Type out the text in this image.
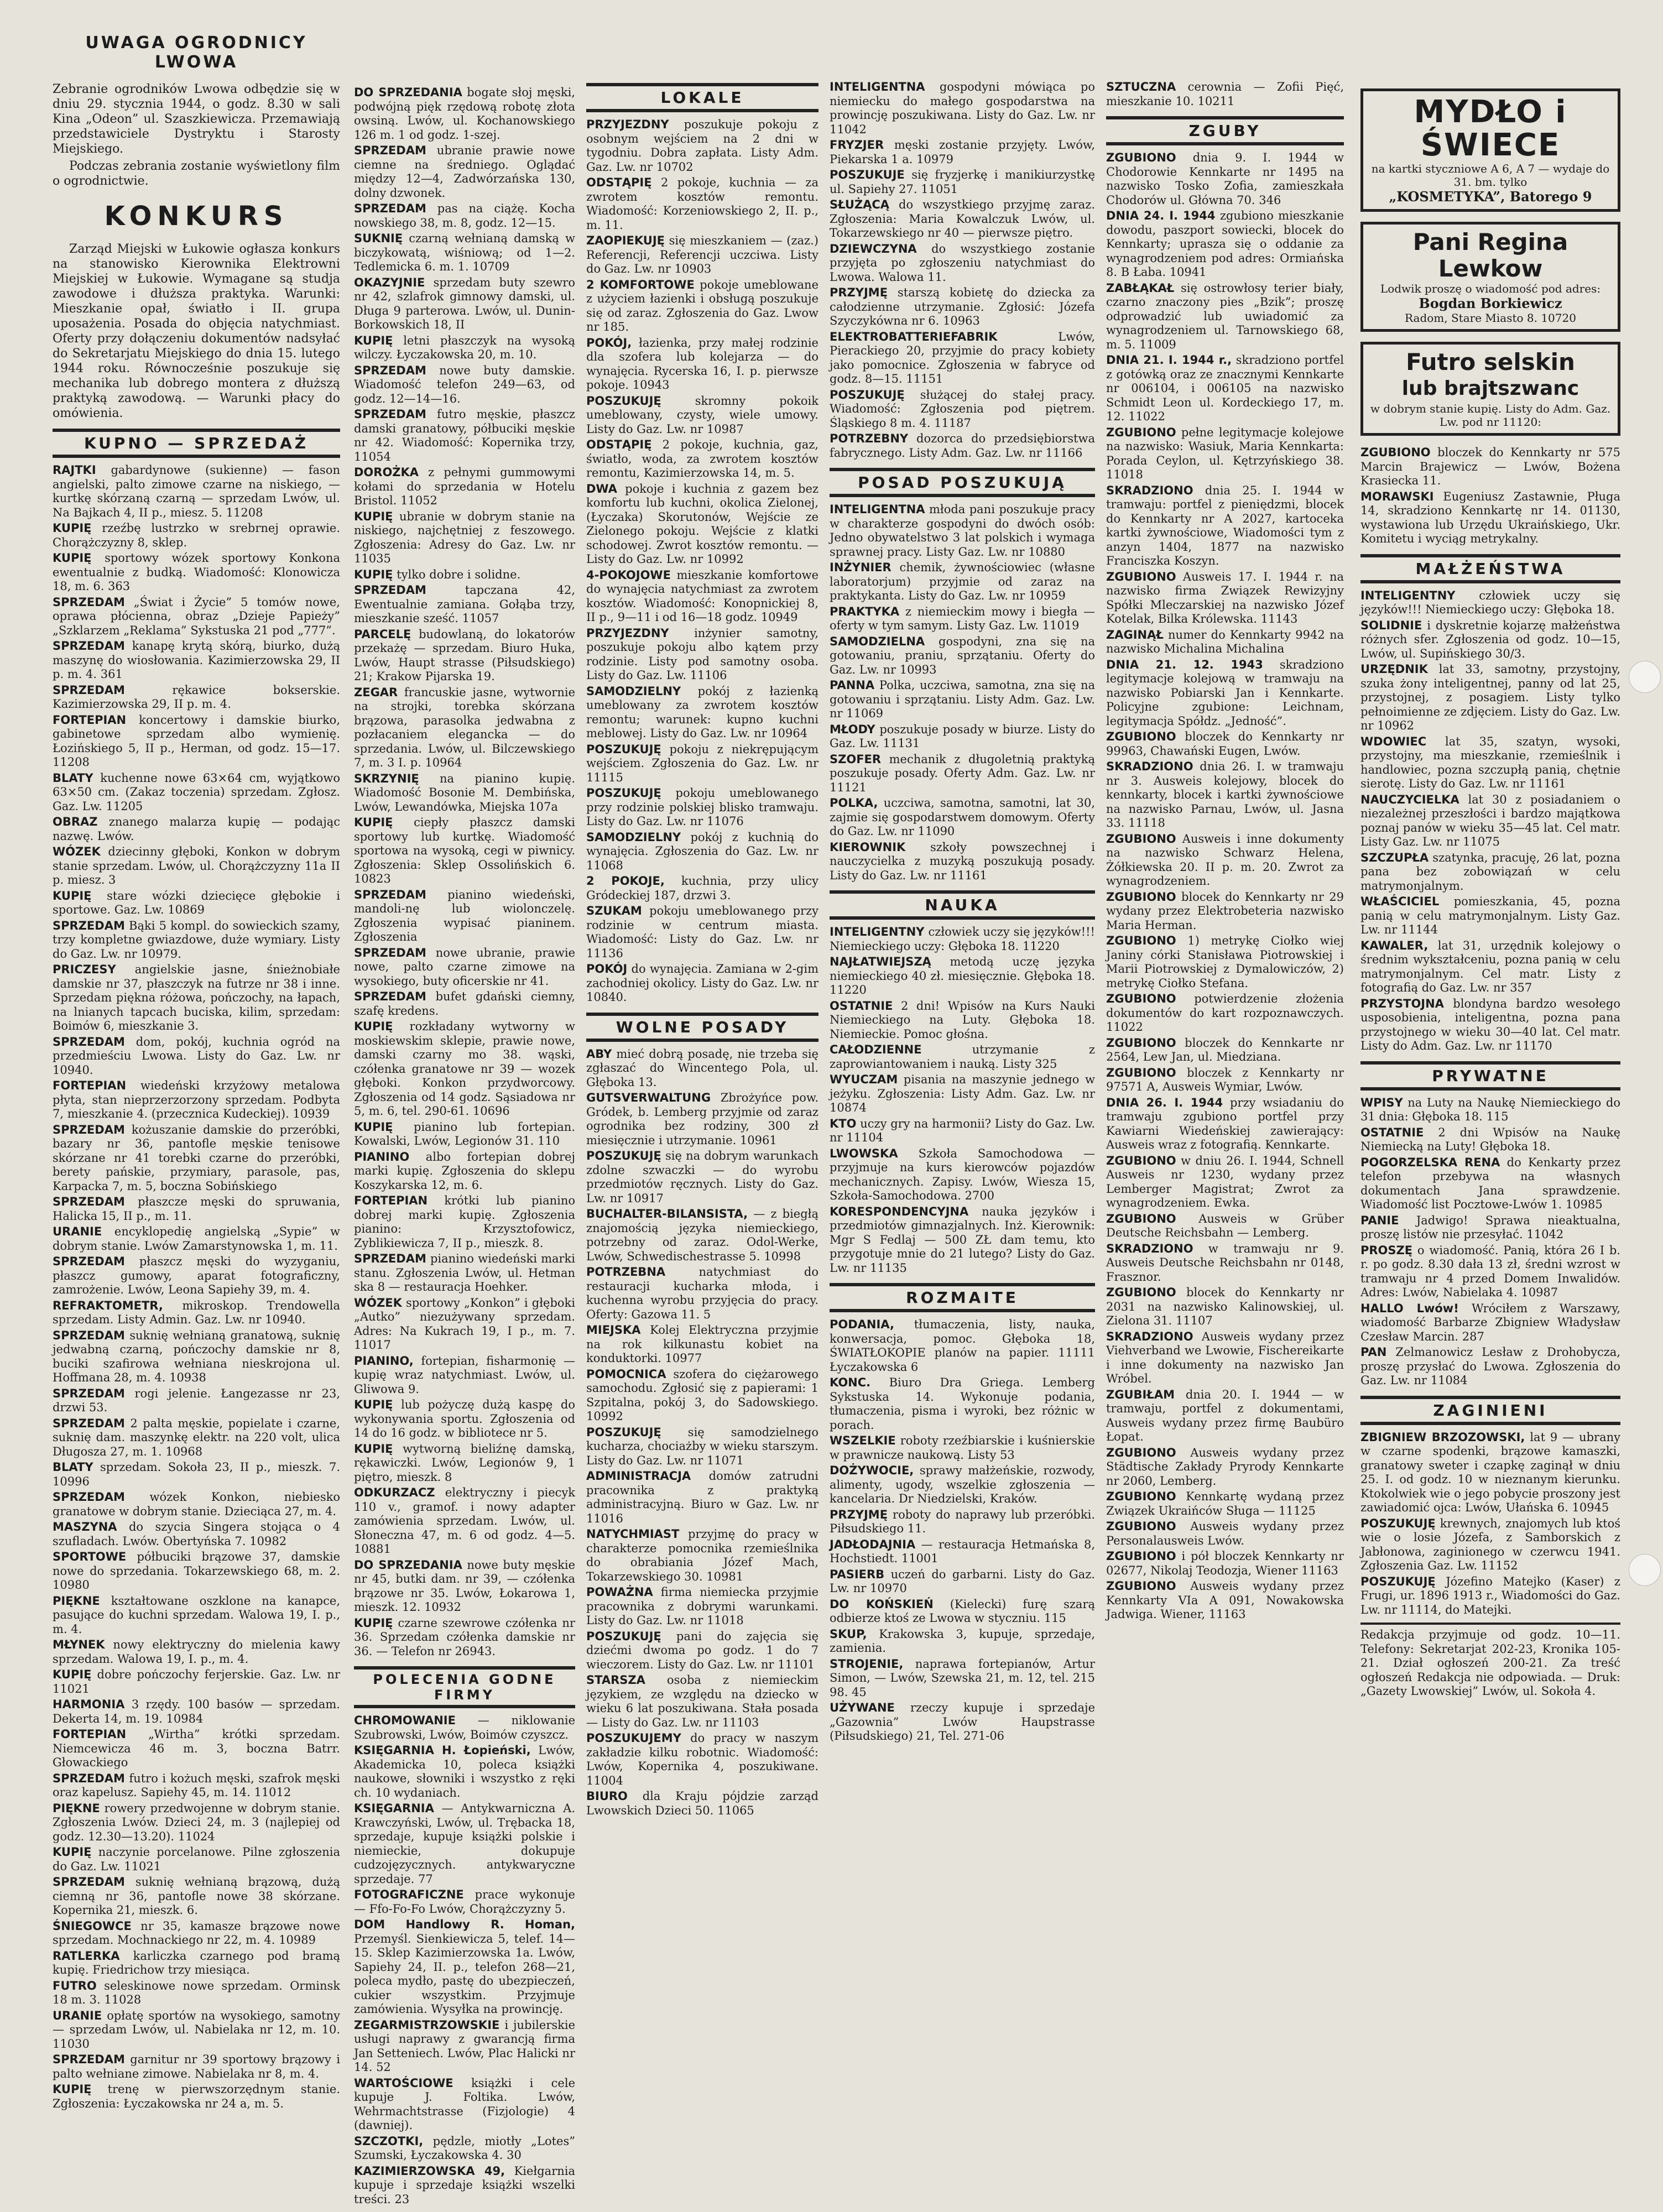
UWAGA OGRODNICY LWOWA

Zebranie ogrodników Lwowa odbędzie się w dniu 29. stycznia 1944, o godz. 8.30 w sali Kina „Odeon” ul. Szaszkiewicza. Przemawiają przedstawiciele Dystryktu i Starosty Miejskiego.

Podczas zebrania zostanie wyświetlony film o ogrodnictwie.

KONKURS

Zarząd Miejski w Łukowie ogłasza konkurs na stanowisko Kierownika Elektrowni Miejskiej w Łukowie. Wymagane są studja zawodowe i dłuższa praktyka. Warunki: Mieszkanie opał, światło i II. grupa uposażenia. Posada do objęcia natychmiast. Oferty przy dołączeniu dokumentów nadsyłać do Sekretarjatu Miejskiego do dnia 15. lutego 1944 roku. Równocześnie poszukuje się mechanika lub dobrego montera z dłuższą praktyką zawodową. — Warunki płacy do omówienia.

KUPNO — SPRZEDAŻ

RAJTKI gabardynowe (sukienne) — fason angielski, palto zimowe czarne na niskiego, — kurtkę skórzaną czarną — sprzedam Lwów, ul. Na Bajkach 4, II p., miesz. 5. 11208

KUPIĘ rzeźbę lustrzko w srebrnej oprawie. Chorążczyzny 8, sklep.

KUPIĘ sportowy wózek sportowy Konkona ewentualnie z budką. Wiadomość: Klonowicza 18, m. 6. 363

SPRZEDAM „Świat i Życie” 5 tomów nowe, oprawa płócienna, obraz „Dzieje Papieży” „Szklarzem „Reklama” Sykstuska 21 pod „777”.

SPRZEDAM kanapę krytą skórą, biurko, dużą maszynę do wiosłowania. Kazimierzowska 29, II p. m. 4. 361

SPRZEDAM rękawice bokserskie. Kazimierzowska 29, II p. m. 4.

FORTEPIAN koncertowy i damskie biurko, gabinetowe sprzedam albo wymienię. Łozińskiego 5, II p., Herman, od godz. 15—17. 11208

BLATY kuchenne nowe 63×64 cm, wyjątkowo 63×50 cm. (Zakaz toczenia) sprzedam. Zgłosz. Gaz. Lw. 11205

OBRAZ znanego malarza kupię — podając nazwę. Lwów.

WÓZEK dziecinny głęboki, Konkon w dobrym stanie sprzedam. Lwów, ul. Chorążczyzny 11a II p. miesz. 3

KUPIĘ stare wózki dziecięce głębokie i sportowe. Gaz. Lw. 10869

SPRZEDAM Bąki 5 kompl. do sowieckich szamy, trzy kompletne gwiazdowe, duże wymiary. Listy do Gaz. Lw. nr 10979.

PRICZESY angielskie jasne, śnieżnobiałe damskie nr 37, płaszczyk na futrze nr 38 i inne. Sprzedam piękna różowa, pończochy, na łapach, na lnianych tapcach buciska, kilim, sprzedam: Boimów 6, mieszkanie 3.

SPRZEDAM dom, pokój, kuchnia ogród na przedmieściu Lwowa. Listy do Gaz. Lw. nr 10940.

FORTEPIAN wiedeński krzyżowy metalowa płyta, stan nieprzerzorzony sprzedam. Podbyta 7, mieszkanie 4. (przecznica Kudeckiej). 10939

SPRZEDAM kożuszanie damskie do przeróbki, bazary nr 36, pantofle męskie tenisowe skórzane nr 41 torebki czarne do przeróbki, berety pańskie, przymiary, parasole, pas, Karpacka 7, m. 5, boczna Sobińskiego

SPRZEDAM płaszcze męski do spruwania, Halicka 15, II p., m. 11.

URANIE encyklopedię angielską „Sypie” w dobrym stanie. Lwów Zamarstynowska 1, m. 11.

SPRZEDAM płaszcz męski do wyzyganiu, płaszcz gumowy, aparat fotograficzny, zamrożenie. Lwów, Leona Sapiehy 39, m. 4.

REFRAKTOMETR, mikroskop. Trendowella sprzedam. Listy Admin. Gaz. Lw. nr 10940.

SPRZEDAM suknię wełnianą granatową, suknię jedwabną czarną, pończochy damskie nr 8, buciki szafirowa wełniana nieskrojona ul. Hoffmana 28, m. 4. 10938

SPRZEDAM rogi jelenie. Łangezasse nr 23, drzwi 53.

SPRZEDAM 2 palta męskie, popielate i czarne, suknię dam. maszynkę elektr. na 220 volt, ulica Długosza 27, m. 1. 10968

BLATY sprzedam. Sokoła 23, II p., mieszk. 7. 10996

SPRZEDAM wózek Konkon, niebiesko granatowe w dobrym stanie. Dzieciąca 27, m. 4.

MASZYNA do szycia Singera stojąca o 4 szufladach. Lwów. Obertyńska 7. 10982

SPORTOWE półbuciki brązowe 37, damskie nowe do sprzedania. Tokarzewskiego 68, m. 2. 10980

PIĘKNE kształtowane oszklone na kanapce, pasujące do kuchni sprzedam. Walowa 19, I. p., m. 4.

MŁYNEK nowy elektryczny do mielenia kawy sprzedam. Walowa 19, I. p., m. 4.

KUPIĘ dobre pończochy ferjerskie. Gaz. Lw. nr 11021

HARMONIA 3 rzędy. 100 basów — sprzedam. Dekerta 14, m. 19. 10984

FORTEPIAN „Wirtha” krótki sprzedam. Niemcewicza 46 m. 3, boczna Batrr. Głowackiego

SPRZEDAM futro i kożuch męski, szafrok męski oraz kapelusz. Sapiehy 45, m. 14. 11012

PIĘKNE rowery przedwojenne w dobrym stanie. Zgłoszenia Lwów. Dzieci 24, m. 3 (najlepiej od godz. 12.30—13.20). 11024

KUPIĘ naczynie porcelanowe. Pilne zgłoszenia do Gaz. Lw. 11021

SPRZEDAM suknię wełnianą brązową, dużą ciemną nr 36, pantofle nowe 38 skórzane. Kopernika 21, mieszk. 6.

ŚNIEGOWCE nr 35, kamasze brązowe nowe sprzedam. Mochnackiego nr 22, m. 4. 10989

RATLERKA karliczka czarnego pod bramą kupię. Friedrichow trzy miesiąca.

FUTRO seleskinowe nowe sprzedam. Orminsk 18 m. 3. 11028

URANIE opłatę sportów na wysokiego, samotny — sprzedam Lwów, ul. Nabielaka nr 12, m. 10. 11030

SPRZEDAM garnitur nr 39 sportowy brązowy i palto wełniane zimowe. Nabielaka nr 8, m. 4.

KUPIĘ trenę w pierwszorzędnym stanie. Zgłoszenia: Łyczakowska nr 24 a, m. 5.

DO SPRZEDANIA bogate słoj męski, podwójną pięk rzędową robotę złota owsiną. Lwów, ul. Kochanowskiego 126 m. 1 od godz. 1-szej.

SPRZEDAM ubranie prawie nowe ciemne na średniego. Oglądać między 12—4, Zadwórzańska 130, dolny dzwonek.

SPRZEDAM pas na ciążę. Kocha nowskiego 38, m. 8, godz. 12—15.

SUKNIĘ czarną wełnianą damską w biczykowatą, wiśniową; od 1—2. Tedlemicka 6. m. 1. 10709

OKAZYJNIE sprzedam buty szewro nr 42, szlafrok gimnowy damski, ul. Długa 9 parterowa. Lwów, ul. Dunin-Borkowskich 18, II

KUPIĘ letni płaszczyk na wysoką wilczy. Łyczakowska 20, m. 10.

SPRZEDAM nowe buty damskie. Wiadomość telefon 249—63, od godz. 12—14—16.

SPRZEDAM futro męskie, płaszcz damski granatowy, półbuciki męskie nr 42. Wiadomość: Kopernika trzy, 11054

DOROŻKA z pełnymi gummowymi kołami do sprzedania w Hotelu Bristol. 11052

KUPIĘ ubranie w dobrym stanie na niskiego, najchętniej z feszowego. Zgłoszenia: Adresy do Gaz. Lw. nr 11035

KUPIĘ tylko dobre i solidne.

SPRZEDAM tapczana 42, Ewentualnie zamiana. Gołąba trzy, mieszkanie sześć. 11057

PARCELĘ budowlaną, do lokatorów przekażę — sprzedam. Biuro Huka, Lwów, Haupt strasse (Piłsudskiego) 21; Krakow Pijarska 19.

ZEGAR francuskie jasne, wytwornie na strojki, torebka skórzana brązowa, parasolka jedwabna z pozłacaniem elegancka — do sprzedania. Lwów, ul. Bilczewskiego 7, m. 3 I. p. 10964

SKRZYNIĘ na pianino kupię. Wiadomość Bosonie M. Dembińska, Lwów, Lewandówka, Miejska 107a

KUPIĘ ciepły płaszcz damski sportowy lub kurtkę. Wiadomość sportowa na wysoką, cegi w piwnicy. Zgłoszenia: Sklep Ossolińskich 6. 10823

SPRZEDAM pianino wiedeński, mandoli-nę lub wiolonczelę. Zgłoszenia wypisać pianinem. Zgłoszenia

SPRZEDAM nowe ubranie, prawie nowe, palto czarne zimowe na wysokiego, buty oficerskie nr 41.

SPRZEDAM bufet gdański ciemny, szafę kredens.

KUPIĘ rozkładany wytworny w moskiewskim sklepie, prawie nowe, damski czarny mo 38. wąski, czółenka granatowe nr 39 — wozek głęboki. Konkon przydworcowy. Zgłoszenia od 14 godz. Sąsiadowa nr 5, m. 6, tel. 290-61. 10696

KUPIĘ pianino lub fortepian. Kowalski, Lwów, Legionów 31. 110

PIANINO albo fortepian dobrej marki kupię. Zgłoszenia do sklepu Koszykarska 12, m. 6.

FORTEPIAN krótki lub pianino dobrej marki kupię. Zgłoszenia pianino: Krzysztofowicz, Zyblikiewicza 7, II p., mieszk. 8.

SPRZEDAM pianino wiedeński marki stanu. Zgłoszenia Lwów, ul. Hetman ska 8 — restauracja Hoehker.

WÓZEK sportowy „Konkon” i głęboki „Autko” niezużywany sprzedam. Adres: Na Kukrach 19, I p., m. 7. 11017

PIANINO, fortepian, fisharmonię — kupię wraz natychmiast. Lwów, ul. Gliwowa 9.

KUPIĘ lub pożyczę dużą kaspę do wykonywania sportu. Zgłoszenia od 14 do 16 godz. w bibliotece nr 5.

KUPIĘ wytworną bieliźnę damską, rękawiczki. Lwów, Legionów 9, 1 piętro, mieszk. 8

ODKURZACZ elektryczny i piecyk 110 v., gramof. i nowy adapter zamówienia sprzedam. Lwów, ul. Słoneczna 47, m. 6 od godz. 4—5. 10881

DO SPRZEDANIA nowe buty męskie nr 45, butki dam. nr 39, — czółenka brązowe nr 35. Lwów, Łokarowa 1, mieszk. 12. 10932

KUPIĘ czarne szewrowe czółenka nr 36. Sprzedam czółenka damskie nr 36. — Telefon nr 26943.

POLECENIA GODNE FIRMY

CHROMOWANIE — niklowanie Szubrowski, Lwów, Boimów czyszcz.

KSIĘGARNIA H. Łopieński, Lwów, Akademicka 10, poleca książki naukowe, słowniki i wszystko z ręki ch. 10 wydaniach.

KSIĘGARNIA — Antykwarniczna A. Krawczyński, Lwów, ul. Trębacka 18, sprzedaje, kupuje książki polskie i niemieckie, dokupuje cudzojęzycznych. antykwaryczne sprzedaje. 77

FOTOGRAFICZNE prace wykonuje — Ffo-Fo-Fo Lwów, Chorążczyzny 5.

DOM Handlowy R. Homan, Przemyśl. Sienkiewicza 5, telef. 14—15. Sklep Kazimierzowska 1a. Lwów, Sapiehy 24, II. p., telefon 268—21, poleca mydło, pastę do ubezpieczeń, cukier wszystkim. Przyjmuje zamówienia. Wysyłka na prowincję.

ZEGARMISTRZOWSKIE i jubilerskie usługi naprawy z gwarancją firma Jan Setteniech. Lwów, Plac Halicki nr 14. 52

WARTOŚCIOWE książki i cele kupuje J. Foltika. Lwów, Wehrmachtstrasse (Fizjologie) 4 (dawniej).

SZCZOTKI, pędzle, miotły „Lotes” Szumski, Łyczakowska 4. 30

KAZIMIERZOWSKA 49, Kiełgarnia kupuje i sprzedaje książki wszelki treści. 23

LOKALE

PRZYJEZDNY poszukuje pokoju z osobnym wejściem na 2 dni w tygodniu. Dobra zapłata. Listy Adm. Gaz. Lw. nr 10702

ODSTĄPIĘ 2 pokoje, kuchnia — za zwrotem kosztów remontu. Wiadomość: Korzeniowskiego 2, II. p., m. 11.

ZAOPIEKUJĘ się mieszkaniem — (zaz.) Referencji, Referencji uczciwa. Listy do Gaz. Lw. nr 10903

2 KOMFORTOWE pokoje umeblowane z użyciem łazienki i obsługą poszukuje się od zaraz. Zgłoszenia do Gaz. Lwow nr 185.

POKÓJ, łazienka, przy małej rodzinie dla szofera lub kolejarza — do wynajęcia. Rycerska 16, I. p. pierwsze pokoje. 10943

POSZUKUJĘ skromny pokoik umeblowany, czysty, wiele umowy. Listy do Gaz. Lw. nr 10987

ODSTĄPIĘ 2 pokoje, kuchnia, gaz, światło, woda, za zwrotem kosztów remontu, Kazimierzowska 14, m. 5.

DWA pokoje i kuchnia z gazem bez komfortu lub kuchni, okolica Zielonej, (Łyczaka) Skorutonów, Wejście ze Zielonego pokoju. Wejście z klatki schodowej. Zwrot kosztów remontu. — Listy do Gaz. Lw. nr 10992

4-POKOJOWE mieszkanie komfortowe do wynajęcia natychmiast za zwrotem kosztów. Wiadomość: Konopnickiej 8, II p., 9—11 i od 16—18 godz. 10949

PRZYJEZDNY inżynier samotny, poszukuje pokoju albo kątem przy rodzinie. Listy pod samotny osoba. Listy do Gaz. Lw. 11106

SAMODZIELNY pokój z łazienką umeblowany za zwrotem kosztów remontu; warunek: kupno kuchni meblowej. Listy do Gaz. Lw. nr 10964

POSZUKUJĘ pokoju z niekrępującym wejściem. Zgłoszenia do Gaz. Lw. nr 11115

POSZUKUJĘ pokoju umeblowanego przy rodzinie polskiej blisko tramwaju. Listy do Gaz. Lw. nr 11076

SAMODZIELNY pokój z kuchnią do wynajęcia. Zgłoszenia do Gaz. Lw. nr 11068

2 POKOJE, kuchnia, przy ulicy Gródeckiej 187, drzwi 3.

SZUKAM pokoju umeblowanego przy rodzinie w centrum miasta. Wiadomość: Listy do Gaz. Lw. nr 11136

POKÓJ do wynajęcia. Zamiana w 2-gim zachodniej okolicy. Listy do Gaz. Lw. nr 10840.

WOLNE POSADY

ABY mieć dobrą posadę, nie trzeba się zgłaszać do Wincentego Pola, ul. Głęboka 13.

GUTSVERWALTUNG Zbrożyńce pow. Gródek, b. Lemberg przyjmie od zaraz ogrodnika bez rodziny, 300 zł miesięcznie i utrzymanie. 10961

POSZUKUJĘ się na dobrym warunkach zdolne szwaczki — do wyrobu przedmiotów ręcznych. Listy do Gaz. Lw. nr 10917

BUCHALTER-BILANSISTA, — z biegłą znajomością języka niemieckiego, potrzebny od zaraz. Odol-Werke, Lwów, Schwedischestrasse 5. 10998

POTRZEBNA natychmiast do restauracji kucharka młoda, i kuchenna wyrobu przyjęcia do pracy. Oferty: Gazowa 11. 5

MIEJSKA Kolej Elektryczna przyjmie na rok kilkunastu kobiet na konduktorki. 10977

POMOCNICA szofera do ciężarowego samochodu. Zgłosić się z papierami: 1 Szpitalna, pokój 3, do Sadowskiego. 10992

POSZUKUJĘ się samodzielnego kucharza, chociażby w wieku starszym. Listy do Gaz. Lw. nr 11071

ADMINISTRACJA domów zatrudni pracownika z praktyką administracyjną. Biuro w Gaz. Lw. nr 11016

NATYCHMIAST przyjmę do pracy w charakterze pomocnika rzemieślnika do obrabiania Józef Mach, Tokarzewskiego 30. 10981

POWAŻNA firma niemiecka przyjmie pracownika z dobrymi warunkami. Listy do Gaz. Lw. nr 11018

POSZUKUJĘ pani do zajęcia się dziećmi dwoma po godz. 1 do 7 wieczorem. Listy do Gaz. Lw. nr 11101

STARSZA osoba z niemieckim językiem, ze względu na dziecko w wieku 6 lat poszukiwana. Stała posada — Listy do Gaz. Lw. nr 11103

POSZUKUJEMY do pracy w naszym zakładzie kilku robotnic. Wiadomość: Lwów, Kopernika 4, poszukiwane. 11004

BIURO dla Kraju pójdzie zarząd Lwowskich Dzieci 50. 11065

INTELIGENTNA gospodyni mówiąca po niemiecku do małego gospodarstwa na prowincję poszukiwana. Listy do Gaz. Lw. nr 11042

FRYZJER męski zostanie przyjęty. Lwów, Piekarska 1 a. 10979

POSZUKUJE się fryzjerkę i manikiurzystkę ul. Sapiehy 27. 11051

SŁUŻĄCĄ do wszystkiego przyjmę zaraz. Zgłoszenia: Maria Kowalczuk Lwów, ul. Tokarzewskiego nr 40 — pierwsze piętro.

DZIEWCZYNA do wszystkiego zostanie przyjęta po zgłoszeniu natychmiast do Lwowa. Walowa 11.

PRZYJMĘ starszą kobietę do dziecka za całodzienne utrzymanie. Zgłosić: Józefa Szyczykówna nr 6. 10963

ELEKTROBATTERIEFABRIK Lwów, Pierackiego 20, przyjmie do pracy kobiety jako pomocnice. Zgłoszenia w fabryce od godz. 8—15. 11151

POSZUKUJĘ służącej do stałej pracy. Wiadomość: Zgłoszenia pod piętrem. Śląskiego 8 m. 4. 11187

POTRZEBNY dozorca do przedsiębiorstwa fabrycznego. Listy Adm. Gaz. Lw. nr 11166

POSAD POSZUKUJĄ

INTELIGENTNA młoda pani poszukuje pracy w charakterze gospodyni do dwóch osób: Jedno obywatelstwo 3 lat polskich i wymaga sprawnej pracy. Listy Gaz. Lw. nr 10880

INŻYNIER chemik, żywnościowiec (własne laboratorjum) przyjmie od zaraz na praktykanta. Listy do Gaz. Lw. nr 10959

PRAKTYKA z niemieckim mowy i biegła — oferty w tym samym. Listy Gaz. Lw. 11019

SAMODZIELNA gospodyni, zna się na gotowaniu, praniu, sprzątaniu. Oferty do Gaz. Lw. nr 10993

PANNA Polka, uczciwa, samotna, zna się na gotowaniu i sprzątaniu. Listy Adm. Gaz. Lw. nr 11069

MŁODY poszukuje posady w biurze. Listy do Gaz. Lw. 11131

SZOFER mechanik z długoletnią praktyką poszukuje posady. Oferty Adm. Gaz. Lw. nr 11121

POLKA, uczciwa, samotna, samotni, lat 30, zajmie się gospodarstwem domowym. Oferty do Gaz. Lw. nr 11090

KIEROWNIK szkoły powszechnej i nauczycielka z muzyką poszukują posady. Listy do Gaz. Lw. nr 11161

NAUKA

INTELIGENTNY człowiek uczy się języków!!! Niemieckiego uczy: Głęboka 18. 11220

NAJŁATWIEJSZĄ metodą uczę języka niemieckiego 40 zł. miesięcznie. Głęboka 18. 11220

OSTATNIE 2 dni! Wpisów na Kurs Nauki Niemieckiego na Luty. Głęboka 18. Niemieckie. Pomoc głośna.

CAŁODZIENNE utrzymanie z zaprowiantowaniem i nauką. Listy 325

WYUCZAM pisania na maszynie jednego w jeżyku. Zgłoszenia: Listy Adm. Gaz. Lw. nr 10874

KTO uczy gry na harmonii? Listy do Gaz. Lw. nr 11104

LWOWSKA Szkoła Samochodowa — przyjmuje na kurs kierowców pojazdów mechanicznych. Zapisy. Lwów, Wiesza 15, Szkoła-Samochodowa. 2700

KORESPONDENCYJNA nauka języków i przedmiotów gimnazjalnych. Inż. Kierownik: Mgr S Fedlaj — 500 ZŁ dam temu, kto przygotuje mnie do 21 lutego? Listy do Gaz. Lw. nr 11135

ROZMAITE

PODANIA, tłumaczenia, listy, nauka, konwersacja, pomoc. Głęboka 18, ŚWIATŁOKOPIE planów na papier. 11111 Łyczakowska 6

KONC. Biuro Dra Griega. Lemberg Sykstuska 14. Wykonuje podania, tłumaczenia, pisma i wyroki, bez różnic w porach.

WSZELKIE roboty rzeźbiarskie i kuśnierskie w prawnicze naukową. Listy 53

DOŻYWOCIE, sprawy małżeńskie, rozwody, alimenty, ugody, wszelkie zgłoszenia — kancelaria. Dr Niedzielski, Kraków.

PRZYJMĘ roboty do naprawy lub przeróbki. Piłsudskiego 11.

JADŁODAJNIA — restauracja Hetmańska 8, Hochstiedt. 11001

PASIERB uczeń do garbarni. Listy do Gaz. Lw. nr 10970

DO KOŃSKIEŃ (Kielecki) furę szarą odbierze ktoś ze Lwowa w styczniu. 115

SKUP, Krakowska 3, kupuje, sprzedaje, zamienia.

STROJENIE, naprawa fortepianów, Artur Simon, — Lwów, Szewska 21, m. 12, tel. 215 98. 45

UŻYWANE rzeczy kupuje i sprzedaje „Gazownia” Lwów Haupstrasse (Piłsudskiego) 21, Tel. 271-06

SZTUCZNA cerownia — Zofii Pięć, mieszkanie 10. 10211

ZGUBY

ZGUBIONO dnia 9. I. 1944 w Chodorowie Kennkarte nr 1495 na nazwisko Tosko Zofia, zamieszkała Chodorów ul. Główna 70. 346

DNIA 24. I. 1944 zgubiono mieszkanie dowodu, paszport sowiecki, blocek do Kennkarty; uprasza się o oddanie za wynagrodzeniem pod adres: Ormiańska 8. B Łaba. 10941

ZABŁĄKAŁ się ostrowłosy terier biały, czarno znaczony pies „Bzik”; proszę odprowadzić lub uwiadomić za wynagrodzeniem ul. Tarnowskiego 68, m. 5. 11009

DNIA 21. I. 1944 r., skradziono portfel z gotówką oraz ze znacznymi Kennkarte nr 006104, i 006105 na nazwisko Schmidt Leon ul. Kordeckiego 17, m. 12. 11022

ZGUBIONO pełne legitymacje kolejowe na nazwisko: Wasiuk, Maria Kennkarta: Porada Ceylon, ul. Kętrzyńskiego 38. 11018

SKRADZIONO dnia 25. I. 1944 w tramwaju: portfel z pieniędzmi, blocek do Kennkarty nr A 2027, kartoceka kartki żywnościowe, Wiadomości tym z anzyn 1404, 1877 na nazwisko Franciszka Koszyn.

ZGUBIONO Ausweis 17. I. 1944 r. na nazwisko firma Związek Rewizyjny Spółki Mleczarskiej na nazwisko Józef Kotelak, Bilka Królewska. 11143

ZAGINĄŁ numer do Kennkarty 9942 na nazwisko Michalina Michalina

DNIA 21. 12. 1943 skradziono legitymacje kolejową w tramwaju na nazwisko Pobiarski Jan i Kennkarte. Policyjne zgubione: Leichnam, legitymacja Spółdz. „Jedność”.

ZGUBIONO bloczek do Kennkarty nr 99963, Chawański Eugen, Lwów.

SKRADZIONO dnia 26. I. w tramwaju nr 3. Ausweis kolejowy, blocek do kennkarty, blocek i kartki żywnościowe na nazwisko Parnau, Lwów, ul. Jasna 33. 11118

ZGUBIONO Ausweis i inne dokumenty na nazwisko Schwarz Helena, Żółkiewska 20. II p. m. 20. Zwrot za wynagrodzeniem.

ZGUBIONO blocek do Kennkarty nr 29 wydany przez Elektrobeteria nazwisko Maria Herman.

ZGUBIONO 1) metrykę Ciołko wiej Janiny córki Stanisława Piotrowskiej i Marii Piotrowskiej z Dymalowiczów, 2) metrykę Ciołko Stefana.

ZGUBIONO potwierdzenie złożenia dokumentów do kart rozpoznawczych. 11022

ZGUBIONO bloczek do Kennkarte nr 2564, Lew Jan, ul. Miedziana.

ZGUBIONO bloczek z Kennkarty nr 97571 A, Ausweis Wymiar, Lwów.

DNIA 26. I. 1944 przy wsiadaniu do tramwaju zgubiono portfel przy Kawiarni Wiedeńskiej zawierający: Ausweis wraz z fotografią. Kennkarte.

ZGUBIONO w dniu 26. I. 1944, Schnell Ausweis nr 1230, wydany przez Lemberger Magistrat; Zwrot za wynagrodzeniem. Ewka.

ZGUBIONO Ausweis w Grüber Deutsche Reichsbahn — Lemberg.

SKRADZIONO w tramwaju nr 9. Ausweis Deutsche Reichsbahn nr 0148, Frasznor.

ZGUBIONO blocek do Kennkarty nr 2031 na nazwisko Kalinowskiej, ul. Zielona 31. 11107

SKRADZIONO Ausweis wydany przez Viehverband we Lwowie, Fischereikarte i inne dokumenty na nazwisko Jan Wróbel.

ZGUBIŁAM dnia 20. I. 1944 — w tramwaju, portfel z dokumentami, Ausweis wydany przez firmę Baubüro Łopat.

ZGUBIONO Ausweis wydany przez Städtische Zakłady Pryrody Kennkarte nr 2060, Lemberg.

ZGUBIONO Kennkartę wydaną przez Związek Ukraińców Sługa — 11125

ZGUBIONO Ausweis wydany przez Personalausweis Lwów.

ZGUBIONO i pół bloczek Kennkarty nr 02677, Nikolaj Teodozja, Wiener 11163

ZGUBIONO Ausweis wydany przez Kennkarty VIa A 091, Nowakowska Jadwiga. Wiener, 11163

MYDŁO i ŚWIECE
na kartki styczniowe A 6, A 7 — wydaje do 31. bm. tylko
„KOSMETYKA”, Batorego 9
Pani Regina Lewkow
Lodwik proszę o wiadomość pod adres:
Bogdan Borkiewicz
Radom, Stare Miasto 8. 10720
Futro selskin
lub brajtszwanc
w dobrym stanie kupię. Listy do Adm. Gaz. Lw. pod nr 11120:

ZGUBIONO bloczek do Kennkarty nr 575 Marcin Brajewicz — Lwów, Bożena Krasiecka 11.

MORAWSKI Eugeniusz Zastawnie, Pługa 14, skradziono Kennkartę nr 14. 01130, wystawiona lub Urzędu Ukraińskiego, Ukr. Komitetu i wyciąg metrykalny.

MAŁŻEŃSTWA

INTELIGENTNY człowiek uczy się języków!!! Niemieckiego uczy: Głęboka 18.

SOLIDNIE i dyskretnie kojarzę małżeństwa różnych sfer. Zgłoszenia od godz. 10—15, Lwów, ul. Supińskiego 30/3.

URZĘDNIK lat 33, samotny, przystojny, szuka żony inteligentnej, panny od lat 25, przystojnej, z posagiem. Listy tylko pełnoimienne ze zdjęciem. Listy do Gaz. Lw. nr 10962

WDOWIEC lat 35, szatyn, wysoki, przystojny, ma mieszkanie, rzemieślnik i handlowiec, pozna szczupłą panią, chętnie sierotę. Listy do Gaz. Lw. nr 11161

NAUCZYCIELKA lat 30 z posiadaniem o niezależnej przeszłości i bardzo majątkowa poznaj panów w wieku 35—45 lat. Cel matr. Listy Gaz. Lw. nr 11075

SZCZUPŁA szatynka, pracuję, 26 lat, pozna pana bez zobowiązań w celu matrymonjalnym.

WŁAŚCICIEL pomieszkania, 45, pozna panią w celu matrymonjalnym. Listy Gaz. Lw. nr 11144

KAWALER, lat 31, urzędnik kolejowy o średnim wykształceniu, pozna panią w celu matrymonjalnym. Cel matr. Listy z fotografią do Gaz. Lw. nr 357

PRZYSTOJNA blondyna bardzo wesołego usposobienia, inteligentna, pozna pana przystojnego w wieku 30—40 lat. Cel matr. Listy do Adm. Gaz. Lw. nr 11170

PRYWATNE

WPISY na Luty na Naukę Niemieckiego do 31 dnia: Głęboka 18. 115

OSTATNIE 2 dni Wpisów na Naukę Niemiecką na Luty! Głęboka 18.

POGORZELSKA RENA do Kenkarty przez telefon przebywa na własnych dokumentach Jana sprawdzenie. Wiadomość list Pocztowe-Lwów 1. 10985

PANIE Jadwigo! Sprawa nieaktualna, proszę listów nie przesyłać. 11042

PROSZĘ o wiadomość. Panią, która 26 I b. r. po godz. 8.30 dała 13 zł, średni wzrost w tramwaju nr 4 przed Domem Inwalidów. Adres: Lwów, Nabielaka 4. 10987

HALLO Lwów! Wróciłem z Warszawy, wiadomość Barbarze Zbigniew Władysław Czesław Marcin. 287

PAN Zelmanowicz Lesław z Drohobycza, proszę przysłać do Lwowa. Zgłoszenia do Gaz. Lw. nr 11084

ZAGINIENI

ZBIGNIEW BRZOZOWSKI, lat 9 — ubrany w czarne spodenki, brązowe kamaszki, granatowy sweter i czapkę zaginął w dniu 25. I. od godz. 10 w nieznanym kierunku. Ktokolwiek wie o jego pobycie proszony jest zawiadomić ojca: Lwów, Ułańska 6. 10945

POSZUKUJĘ krewnych, znajomych lub ktoś wie o losie Józefa, z Samborskich z Jabłonowa, zaginionego w czerwcu 1941. Zgłoszenia Gaz. Lw. 11152

POSZUKUJĘ Józefino Matejko (Kaser) z Frugi, ur. 1896 1913 r., Wiadomości do Gaz. Lw. nr 11114, do Matejki.

Redakcja przyjmuje od godz. 10—11. Telefony: Sekretarjat 202-23, Kronika 105-21. Dział ogłoszeń 200-21. Za treść ogłoszeń Redakcja nie odpowiada. — Druk: „Gazety Lwowskiej” Lwów, ul. Sokoła 4.
